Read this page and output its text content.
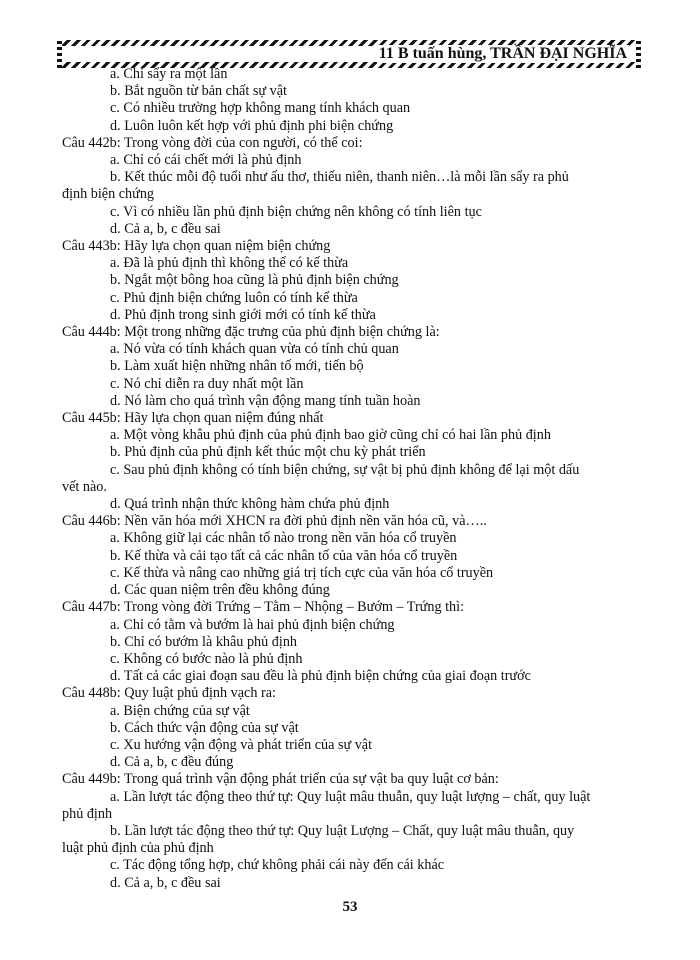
11 B tuấn hùng, TRẦN ĐẠI NGHĨA
a. Chỉ sẩy ra một lần
b. Bắt nguồn từ bản chất sự vật
c. Có nhiều trường hợp không mang tính khách quan
d. Luôn luôn kết hợp với phủ định phi biện chứng
Câu 442b: Trong vòng đời của con người, có thể coi:
a. Chỉ có cái chết mới là phủ định
b. Kết thúc mỗi độ tuổi như ấu thơ, thiếu niên, thanh niên…là mỗi lần sẩy ra phủ
định biện chứng
c. Vì có nhiều lần phủ định biện chứng nên không có tính liên tục
d. Cả a, b, c đều sai
Câu 443b: Hãy lựa chọn quan niệm biện chứng
a. Đã là phủ định thì không thể có kế thừa
b. Ngắt một bông hoa cũng là phủ định biện chứng
c. Phủ định biện chứng luôn có tính kế thừa
d. Phủ định trong sinh giới mới có tính kế thừa
Câu 444b: Một trong những đặc trưng của phủ định biện chứng là:
a. Nó vừa có tính khách quan vừa có tính chủ quan
b. Làm xuất hiện những nhân tố mới, tiến bộ
c. Nó chỉ diễn ra duy nhất một lần
d. Nó làm cho quá trình vận động mang tính tuần hoàn
Câu 445b: Hãy lựa chọn quan niệm đúng nhất
a. Một vòng khâu phủ định của phủ định bao giờ cũng chỉ có hai lần phủ định
b. Phủ định của phủ định kết thúc một chu kỳ phát triển
c. Sau phủ định không có tính biện chứng, sự vật bị phủ định không để lại một dấu
vết nào.
d. Quá trình nhận thức không hàm chứa phủ định
Câu 446b: Nền văn hóa mới XHCN ra đời phủ định nền văn hóa cũ, và…..
a. Không giữ lại các nhân tố nào trong nền văn hóa cổ truyền
b. Kế thừa và cải tạo tất cả các nhân tố của văn hóa cổ truyền
c. Kế thừa và nâng cao những giá trị tích cực của văn hóa cổ truyền
d. Các quan niệm trên đều không đúng
Câu 447b: Trong vòng đời Trứng – Tằm – Nhộng – Bướm – Trứng thì:
a. Chỉ có tằm và bướm là hai phủ định biện chứng
b. Chỉ có bướm là khâu phủ định
c. Không có bước nào là phủ định
d. Tất cả các giai đoạn sau đều là phủ định biện chứng của giai đoạn trước
Câu 448b: Quy luật phủ định vạch ra:
a. Biện chứng của sự vật
b. Cách thức vận động của sự vật
c. Xu hướng vận động và phát triển của sự vật
d. Cả a, b, c đều đúng
Câu 449b: Trong quá trình vận động phát triển của sự vật ba quy luật cơ bản:
a. Lần lượt tác động theo thứ tự: Quy luật mâu thuẫn, quy luật lượng – chất, quy luật
phủ định
b. Lần lượt tác động theo thứ tự: Quy luật Lượng – Chất, quy luật mâu thuẫn, quy
luật phủ định của phủ định
c. Tác động tổng hợp, chứ không phải cái này đến cái khác
d. Cả a, b, c đều sai
53
